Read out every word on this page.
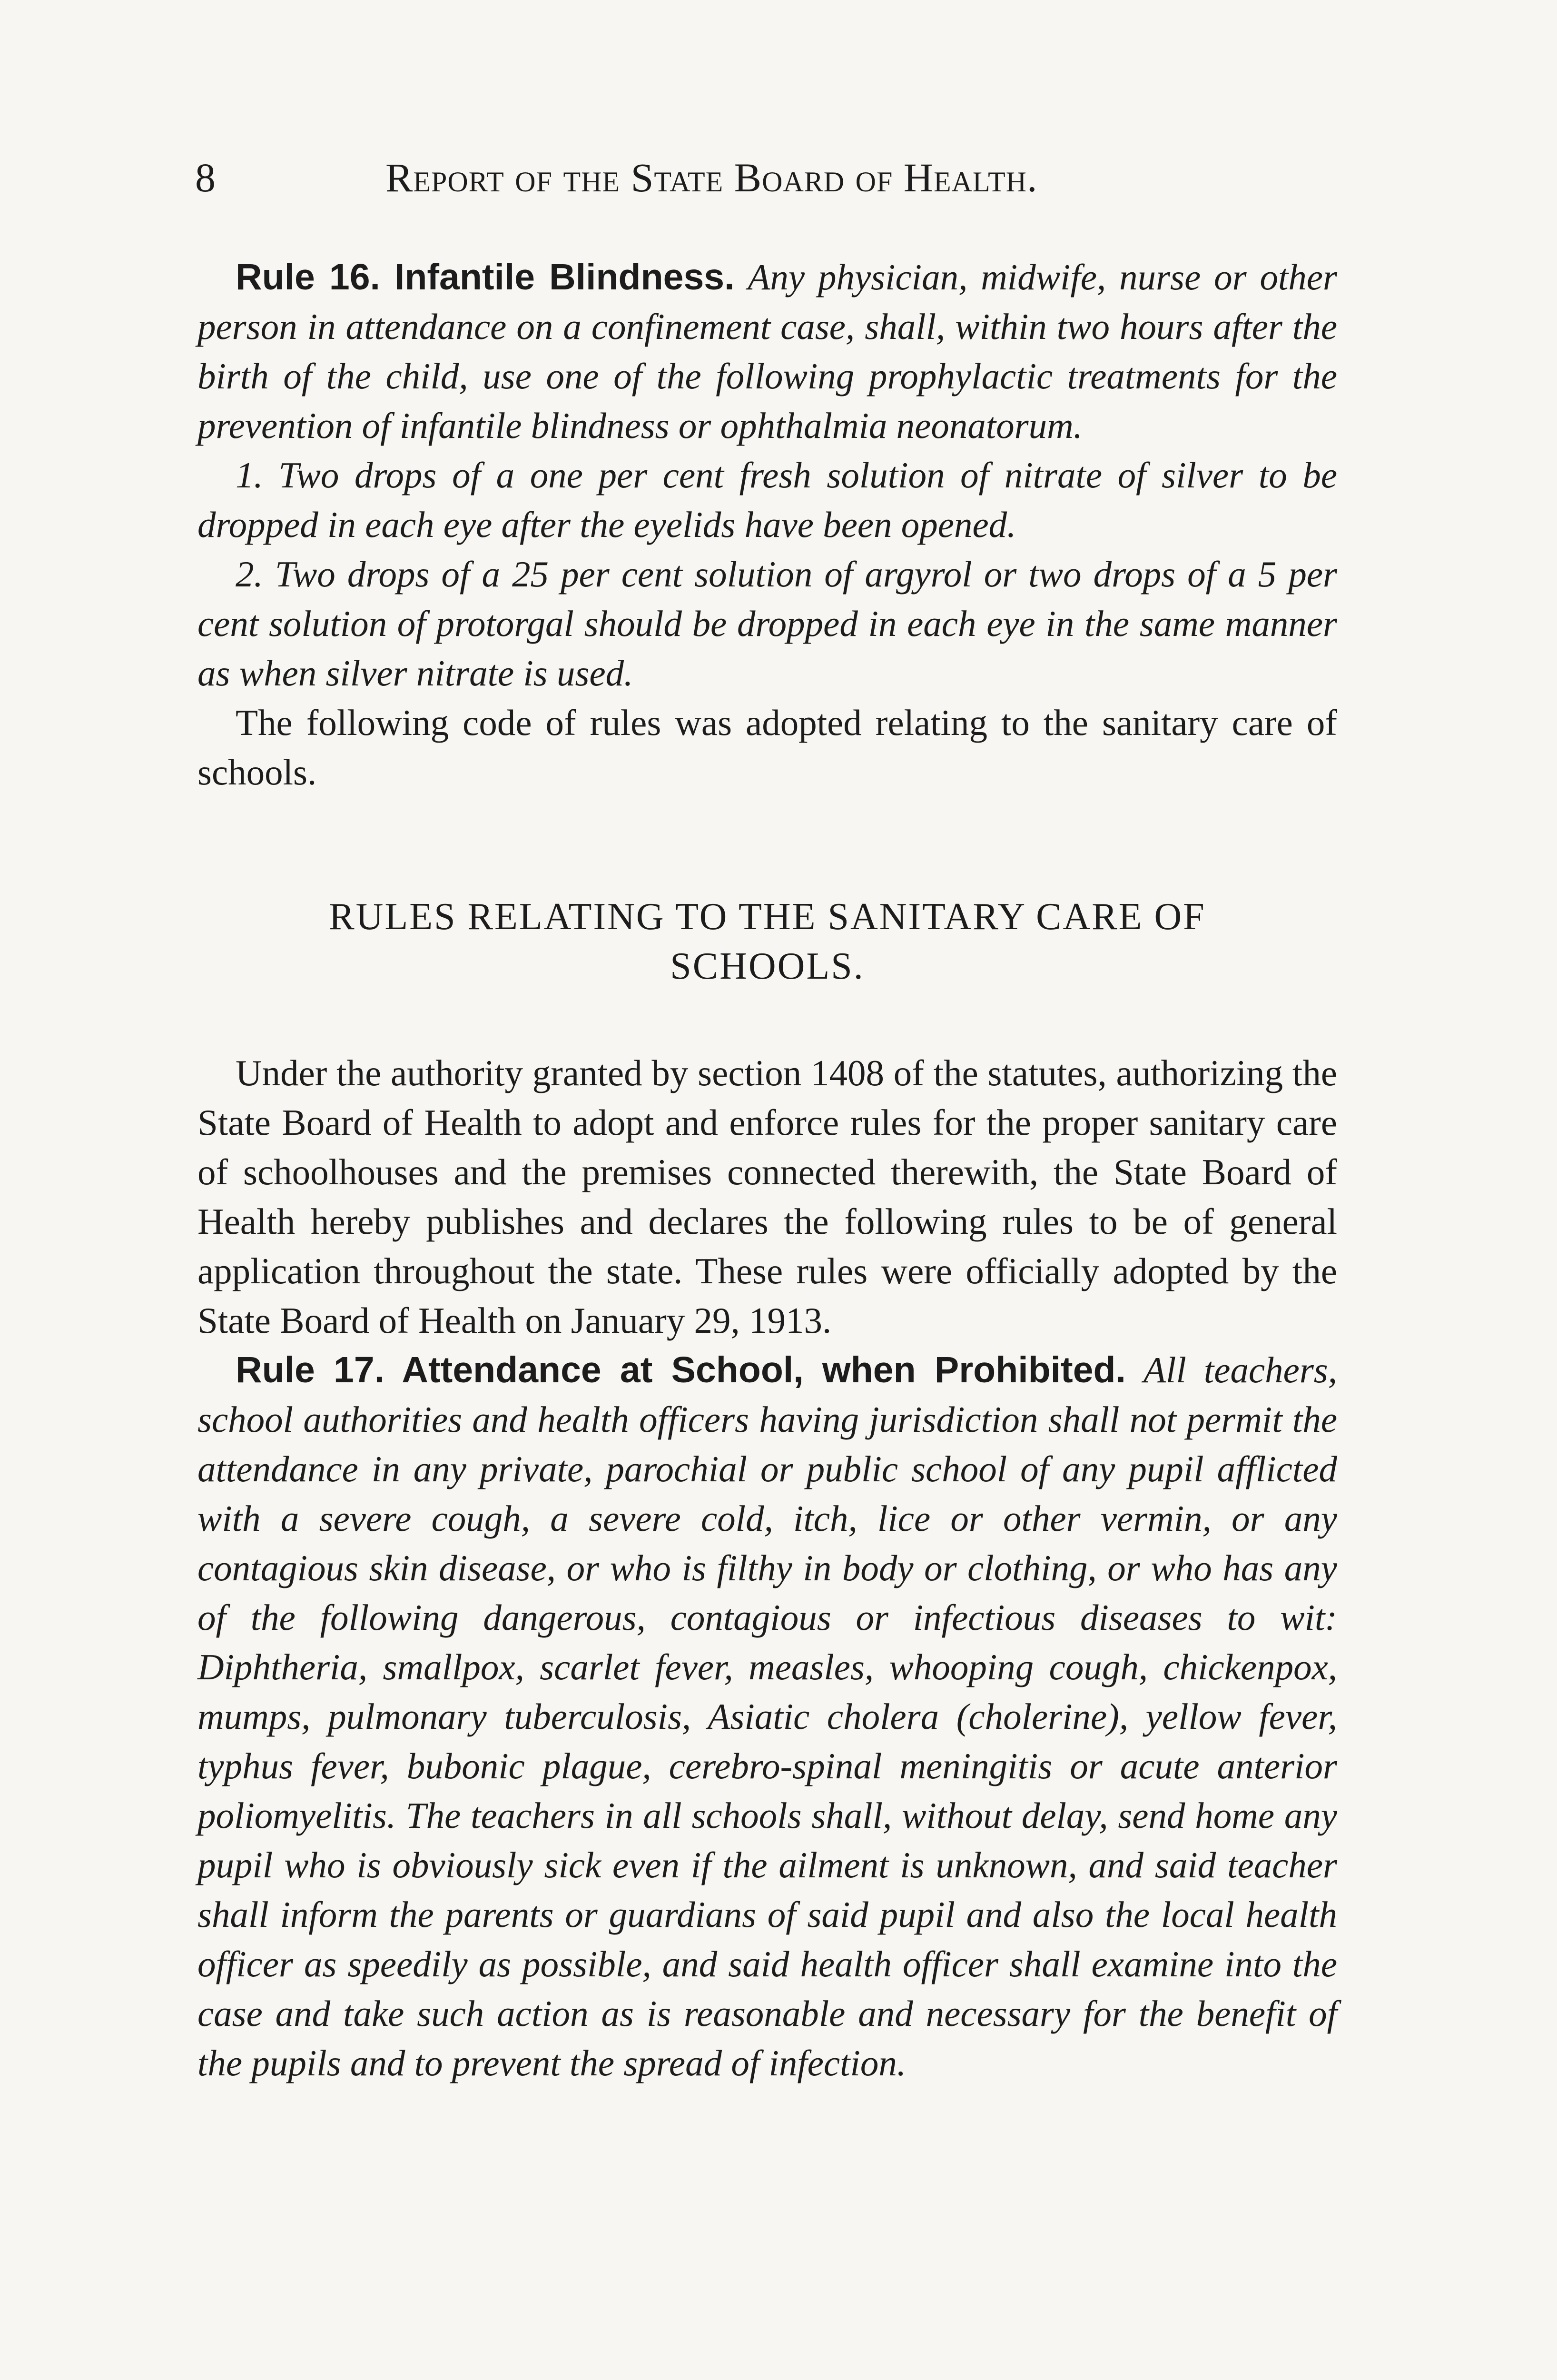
8	Report of the State Board of Health.

Rule 16. Infantile Blindness. Any physician, midwife, nurse or other person in attendance on a confinement case, shall, within two hours after the birth of the child, use one of the following prophylactic treatments for the prevention of infantile blindness or ophthalmia neonatorum.

1. Two drops of a one per cent fresh solution of nitrate of silver to be dropped in each eye after the eyelids have been opened.

2. Two drops of a 25 per cent solution of argyrol or two drops of a 5 per cent solution of protorgal should be dropped in each eye in the same manner as when silver nitrate is used.

The following code of rules was adopted relating to the sanitary care of schools.

RULES RELATING TO THE SANITARY CARE OF
SCHOOLS.

Under the authority granted by section 1408 of the statutes, authorizing the State Board of Health to adopt and enforce rules for the proper sanitary care of schoolhouses and the premises connected therewith, the State Board of Health hereby publishes and declares the following rules to be of general application throughout the state. These rules were officially adopted by the State Board of Health on January 29, 1913.

Rule 17. Attendance at School, when Prohibited. All teachers, school authorities and health officers having jurisdiction shall not permit the attendance in any private, parochial or public school of any pupil afflicted with a severe cough, a severe cold, itch, lice or other vermin, or any contagious skin disease, or who is filthy in body or clothing, or who has any of the following dangerous, contagious or infectious diseases to wit: Diphtheria, smallpox, scarlet fever, measles, whooping cough, chickenpox, mumps, pulmonary tuberculosis, Asiatic cholera (cholerine), yellow fever, typhus fever, bubonic plague, cerebro-spinal meningitis or acute anterior poliomyelitis. The teachers in all schools shall, without delay, send home any pupil who is obviously sick even if the ailment is unknown, and said teacher shall inform the parents or guardians of said pupil and also the local health officer as speedily as possible, and said health officer shall examine into the case and take such action as is reasonable and necessary for the benefit of the pupils and to prevent the spread of infection.
